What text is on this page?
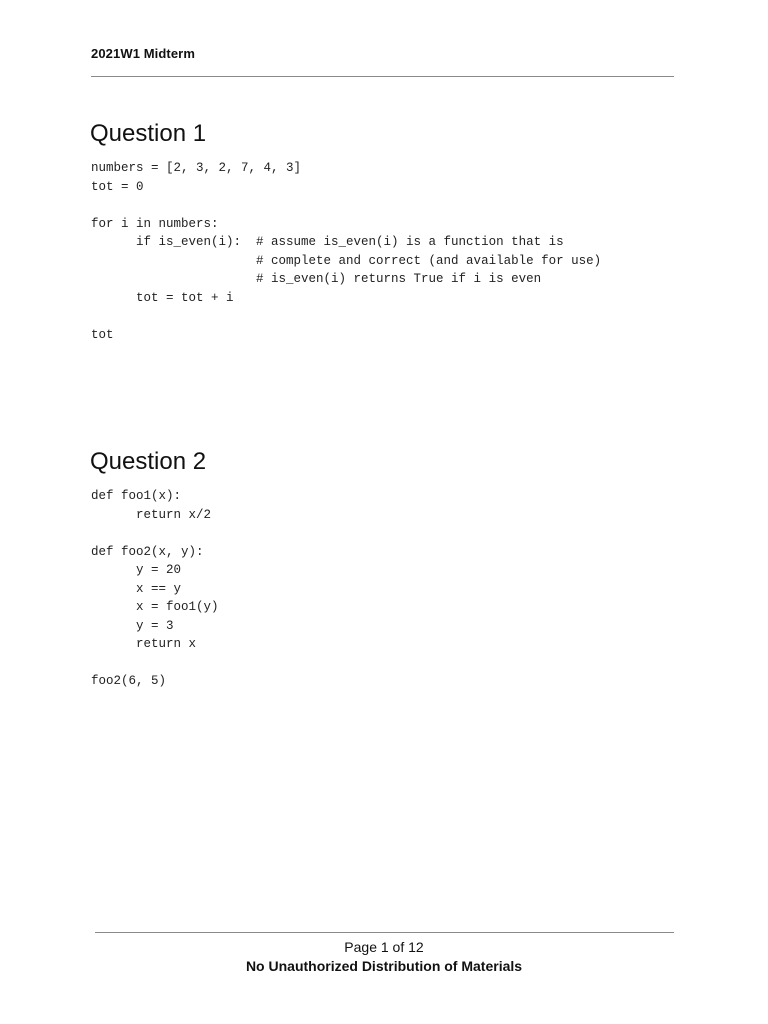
2021W1 Midterm
Question 1
numbers = [2, 3, 2, 7, 4, 3]
tot = 0
for i in numbers:
if is_even(i):  # assume is_even(i) is a function that is
# complete and correct (and available for use)
# is_even(i) returns True if i is even
tot = tot + i
tot
Question 2
def foo1(x):
return x/2
def foo2(x, y):
y = 20
x == y
x = foo1(y)
y = 3
return x
foo2(6, 5)
Page 1 of 12
No Unauthorized Distribution of Materials
